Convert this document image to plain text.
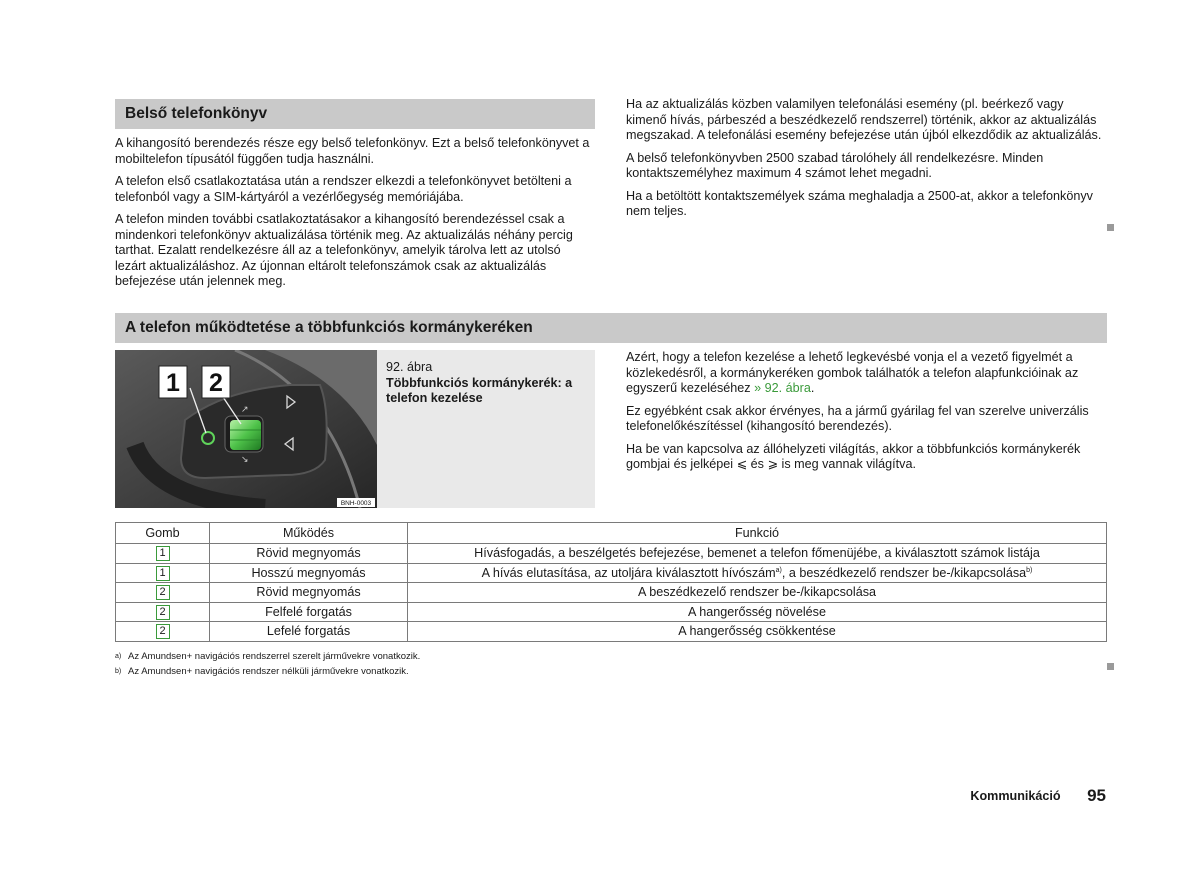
Belső telefonkönyv

A kihangosító berendezés része egy belső telefonkönyv. Ezt a belső telefonkönyvet a mobiltelefon típusától függően tudja használni.

A telefon első csatlakoztatása után a rendszer elkezdi a telefonkönyvet betölteni a telefonból vagy a SIM-kártyáról a vezérlőegység memóriájába.

A telefon minden további csatlakoztatásakor a kihangosító berendezéssel csak a mindenkori telefonkönyv aktualizálása történik meg. Az aktualizálás néhány percig tarthat. Ezalatt rendelkezésre áll az a telefonkönyv, amelyik tárolva lett az utolsó lezárt aktualizáláshoz. Az újonnan eltárolt telefonszámok csak az aktualizálás befejezése után jelennek meg.

Ha az aktualizálás közben valamilyen telefonálási esemény (pl. beérkező vagy kimenő hívás, párbeszéd a beszédkezelő rendszerrel) történik, akkor az aktualizálás megszakad. A telefonálási esemény befejezése után újból elkezdődik az aktualizálás.

A belső telefonkönyvben 2500 szabad tárolóhely áll rendelkezésre. Minden kontaktszemélyhez maximum 4 számot lehet megadni.

Ha a betöltött kontaktszemélyek száma meghaladja a 2500-at, akkor a telefonkönyv nem teljes.

A telefon működtetése a többfunkciós kormánykeréken
↗
↘
1 2
BNH-0003
92. ábra
Többfunkciós kormánykerék: a telefon kezelése

Azért, hogy a telefon kezelése a lehető legkevésbé vonja el a vezető figyelmét a közlekedésről, a kormánykeréken gombok találhatók a telefon alapfunkcióinak az egyszerű kezeléséhez » 92. ábra.

Ez egyébként csak akkor érvényes, ha a jármű gyárilag fel van szerelve univerzális telefonelőkészítéssel (kihangosító berendezés).

Ha be van kapcsolva az állóhelyzeti világítás, akkor a többfunkciós kormánykerék gombjai és jelképei ⩽ és ⩾ is meg vannak világítva.

Gomb	Működés	Funkció
1	Rövid megnyomás	Hívásfogadás, a beszélgetés befejezése, bemenet a telefon főmenüjébe, a kiválasztott számok listája
1	Hosszú megnyomás	A hívás elutasítása, az utoljára kiválasztott hívószám$^{a)}$, a beszédkezelő rendszer be-/kikapcsolása$^{b)}$
2	Rövid megnyomás	A beszédkezelő rendszer be-/kikapcsolása
2	Felfelé forgatás	A hangerősség növelése
2	Lefelé forgatás	A hangerősség csökkentése
a) Az Amundsen+ navigációs rendszerrel szerelt járművekre vonatkozik.
b) Az Amundsen+ navigációs rendszer nélküli járművekre vonatkozik.
Kommunikáció 95
